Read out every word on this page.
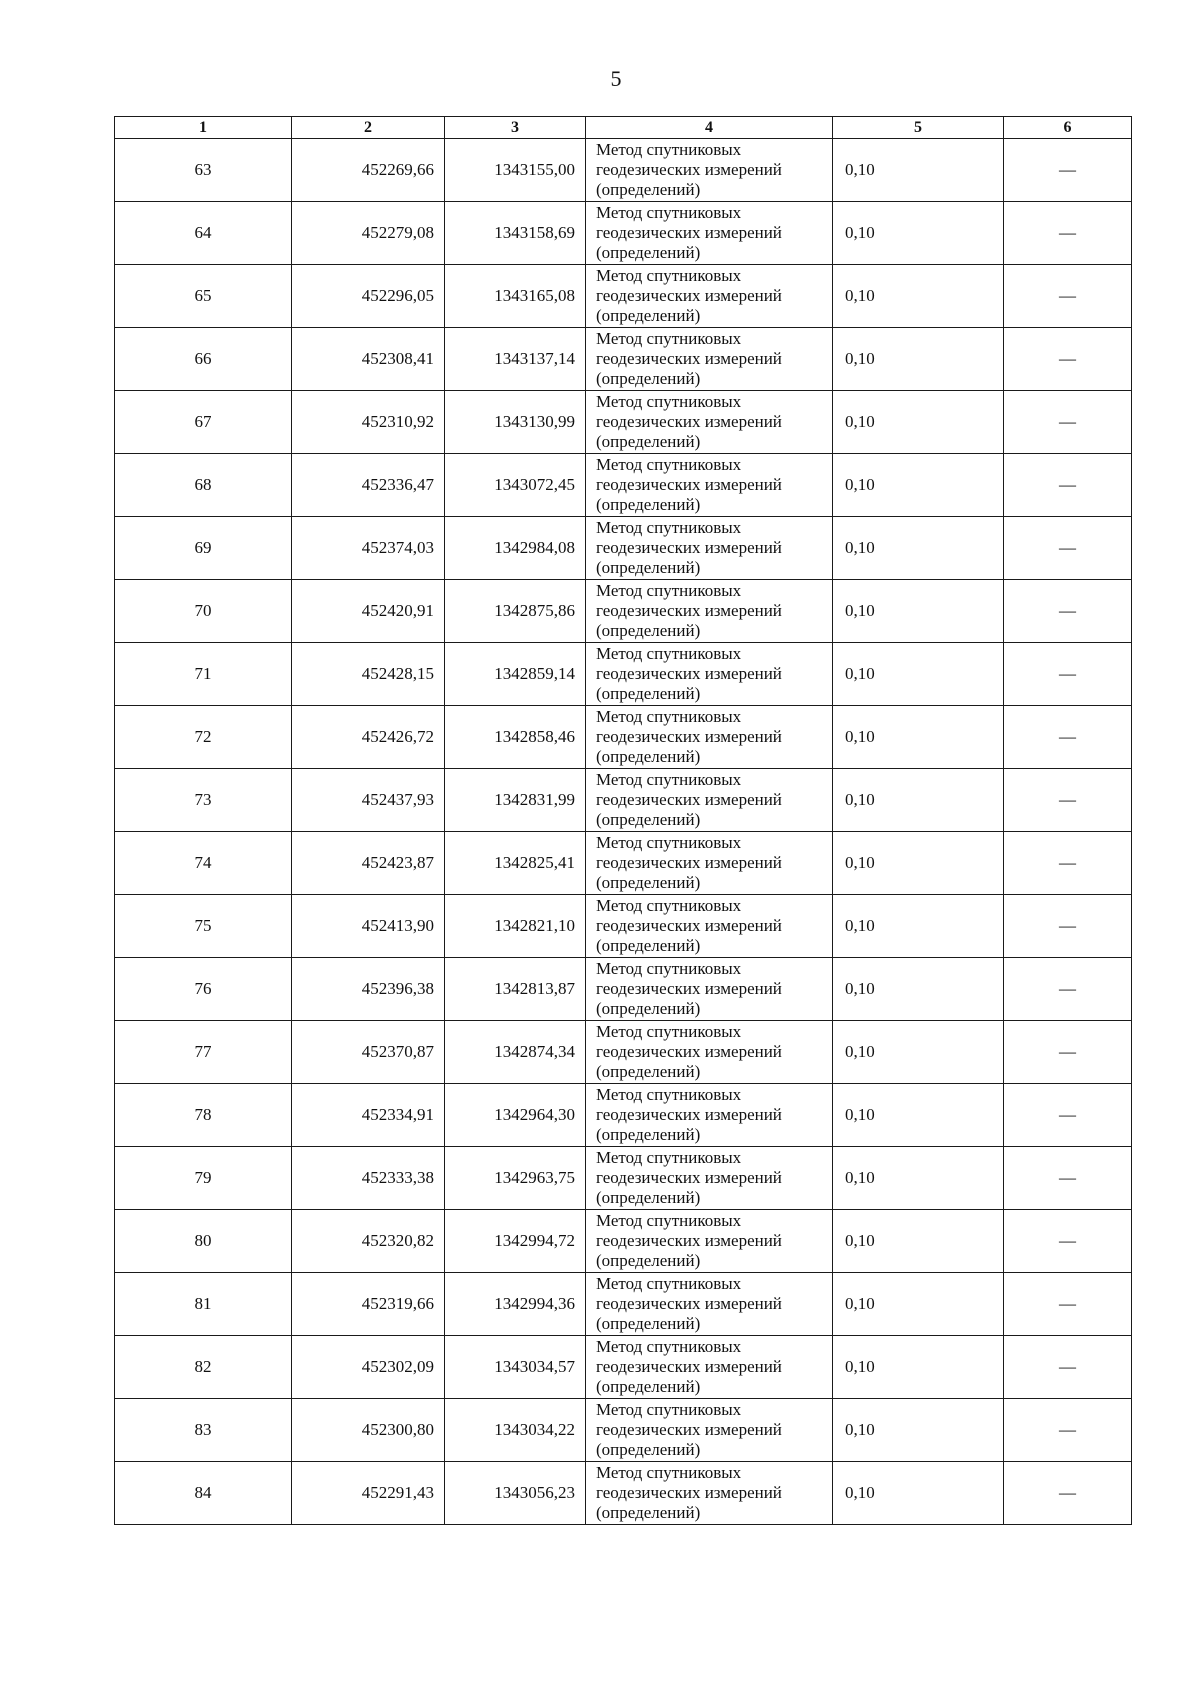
5
1	2	3	4	5	6
63	452269,66	1343155,00	Метод спутниковых
геодезических измерений
(определений)	0,10	—
64	452279,08	1343158,69	Метод спутниковых
геодезических измерений
(определений)	0,10	—
65	452296,05	1343165,08	Метод спутниковых
геодезических измерений
(определений)	0,10	—
66	452308,41	1343137,14	Метод спутниковых
геодезических измерений
(определений)	0,10	—
67	452310,92	1343130,99	Метод спутниковых
геодезических измерений
(определений)	0,10	—
68	452336,47	1343072,45	Метод спутниковых
геодезических измерений
(определений)	0,10	—
69	452374,03	1342984,08	Метод спутниковых
геодезических измерений
(определений)	0,10	—
70	452420,91	1342875,86	Метод спутниковых
геодезических измерений
(определений)	0,10	—
71	452428,15	1342859,14	Метод спутниковых
геодезических измерений
(определений)	0,10	—
72	452426,72	1342858,46	Метод спутниковых
геодезических измерений
(определений)	0,10	—
73	452437,93	1342831,99	Метод спутниковых
геодезических измерений
(определений)	0,10	—
74	452423,87	1342825,41	Метод спутниковых
геодезических измерений
(определений)	0,10	—
75	452413,90	1342821,10	Метод спутниковых
геодезических измерений
(определений)	0,10	—
76	452396,38	1342813,87	Метод спутниковых
геодезических измерений
(определений)	0,10	—
77	452370,87	1342874,34	Метод спутниковых
геодезических измерений
(определений)	0,10	—
78	452334,91	1342964,30	Метод спутниковых
геодезических измерений
(определений)	0,10	—
79	452333,38	1342963,75	Метод спутниковых
геодезических измерений
(определений)	0,10	—
80	452320,82	1342994,72	Метод спутниковых
геодезических измерений
(определений)	0,10	—
81	452319,66	1342994,36	Метод спутниковых
геодезических измерений
(определений)	0,10	—
82	452302,09	1343034,57	Метод спутниковых
геодезических измерений
(определений)	0,10	—
83	452300,80	1343034,22	Метод спутниковых
геодезических измерений
(определений)	0,10	—
84	452291,43	1343056,23	Метод спутниковых
геодезических измерений
(определений)	0,10	—
